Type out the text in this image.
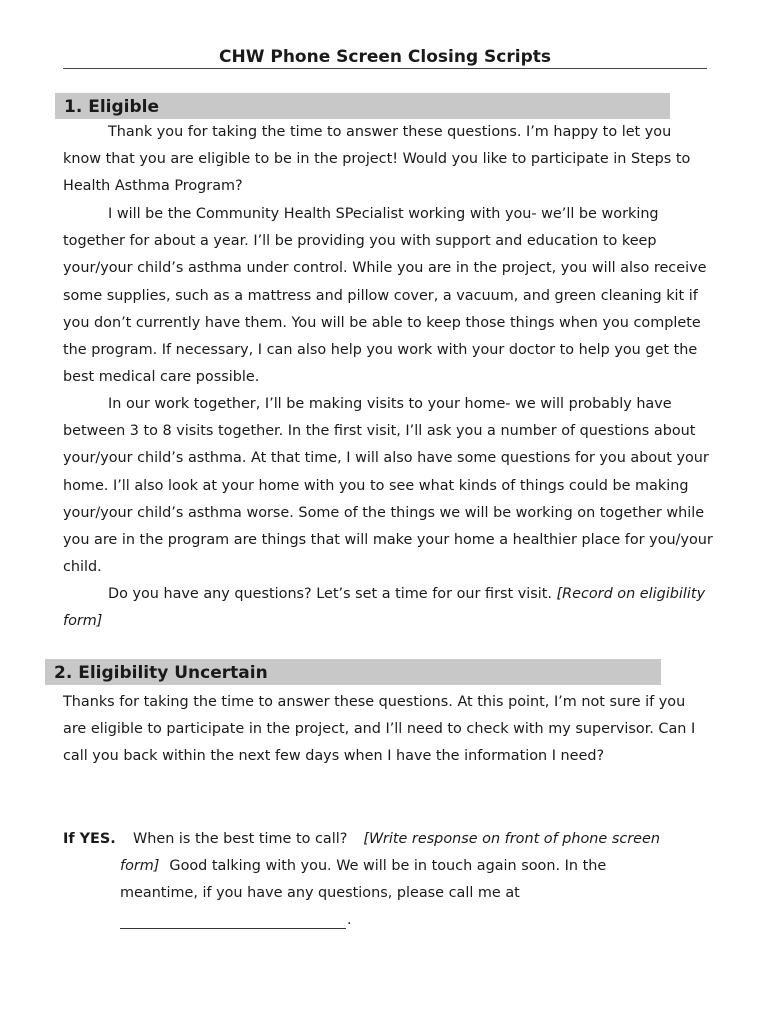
CHW Phone Screen Closing Scripts
1. Eligible

Thank you for taking the time to answer these questions. I’m happy to let you know that you are eligible to be in the project! Would you like to participate in Steps to Health Asthma Program?

I will be the Community Health SPecialist working with you- we’ll be working together for about a year. I’ll be providing you with support and education to keep your/your child’s asthma under control. While you are in the project, you will also receive some supplies, such as a mattress and pillow cover, a vacuum, and green cleaning kit if you don’t currently have them. You will be able to keep those things when you complete the program. If necessary, I can also help you work with your doctor to help you get the best medical care possible.

In our work together, I’ll be making visits to your home- we will probably have between 3 to 8 visits together. In the first visit, I’ll ask you a number of questions about your/your child’s asthma. At that time, I will also have some questions for you about your home. I’ll also look at your home with you to see what kinds of things could be making your/your child’s asthma worse. Some of the things we will be working on together while you are in the program are things that will make your home a healthier place for you/your child.

Do you have any questions? Let’s set a time for our first visit. [Record on eligibility form]

2. Eligibility Uncertain

Thanks for taking the time to answer these questions. At this point, I’m not sure if you are eligible to participate in the project, and I’ll need to check with my supervisor. Can I call you back within the next few days when I have the information I need?

If YES. When is the best time to call? [Write response on front of phone screen

form] Good talking with you. We will be in touch again soon. In the

meantime, if you have any questions, please call me at

.
